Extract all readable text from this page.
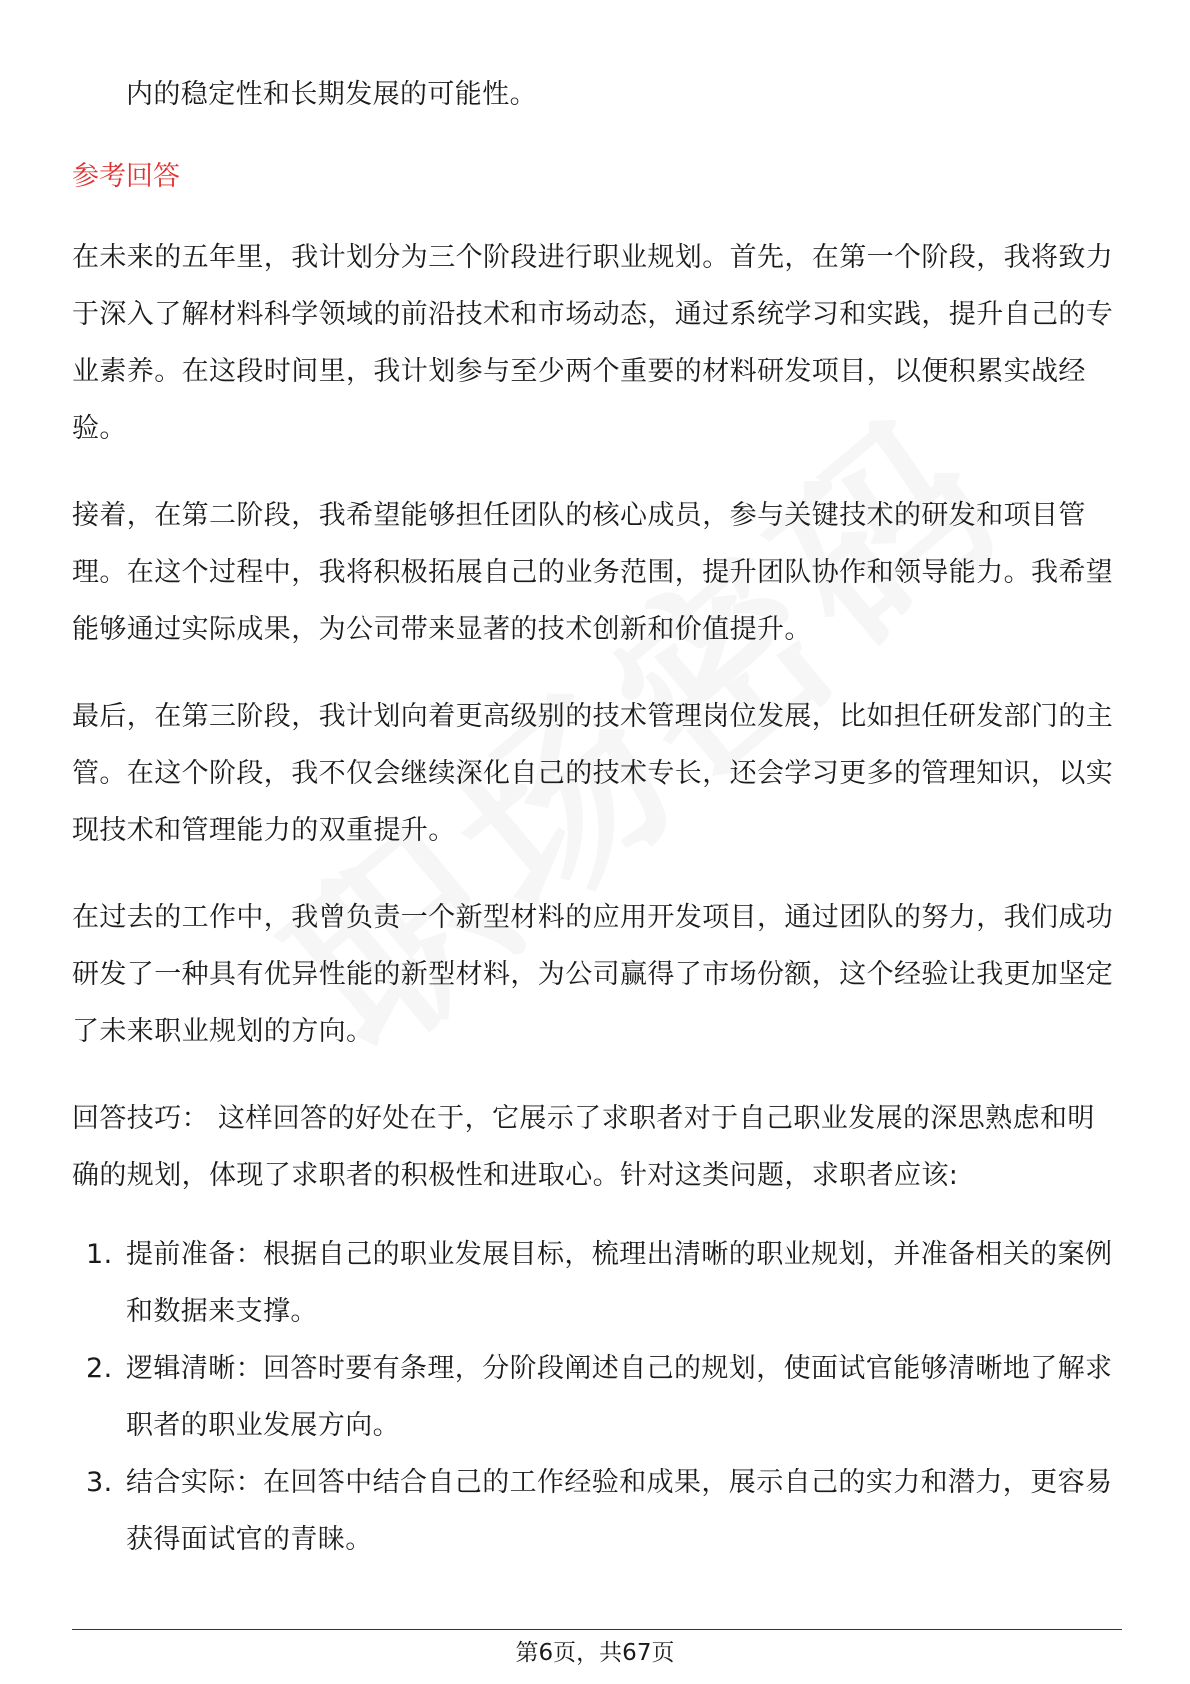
内的稳定性和长期发展的可能性。

参考回答

在未来的五年里，我计划分为三个阶段进行职业规划。首先，在第一个阶段，我将致力于深入了解材料科学领域的前沿技术和市场动态，通过系统学习和实践，提升自己的专业素养。在这段时间里，我计划参与至少两个重要的材料研发项目，以便积累实战经验。

接着，在第二阶段，我希望能够担任团队的核心成员，参与关键技术的研发和项目管理。在这个过程中，我将积极拓展自己的业务范围，提升团队协作和领导能力。我希望能够通过实际成果，为公司带来显著的技术创新和价值提升。

最后，在第三阶段，我计划向着更高级别的技术管理岗位发展，比如担任研发部门的主管。在这个阶段，我不仅会继续深化自己的技术专长，还会学习更多的管理知识，以实现技术和管理能力的双重提升。

在过去的工作中，我曾负责一个新型材料的应用开发项目，通过团队的努力，我们成功研发了一种具有优异性能的新型材料，为公司赢得了市场份额，这个经验让我更加坚定了未来职业规划的方向。

回答技巧： 这样回答的好处在于，它展示了求职者对于自己职业发展的深思熟虑和明确的规划，体现了求职者的积极性和进取心。针对这类问题，求职者应该:

1. 提前准备：根据自己的职业发展目标，梳理出清晰的职业规划，并准备相关的案例和数据来支撑。
2. 逻辑清晰：回答时要有条理，分阶段阐述自己的规划，使面试官能够清晰地了解求职者的职业发展方向。
3. 结合实际：在回答中结合自己的工作经验和成果，展示自己的实力和潜力，更容易获得面试官的青睐。
第6页，共67页
